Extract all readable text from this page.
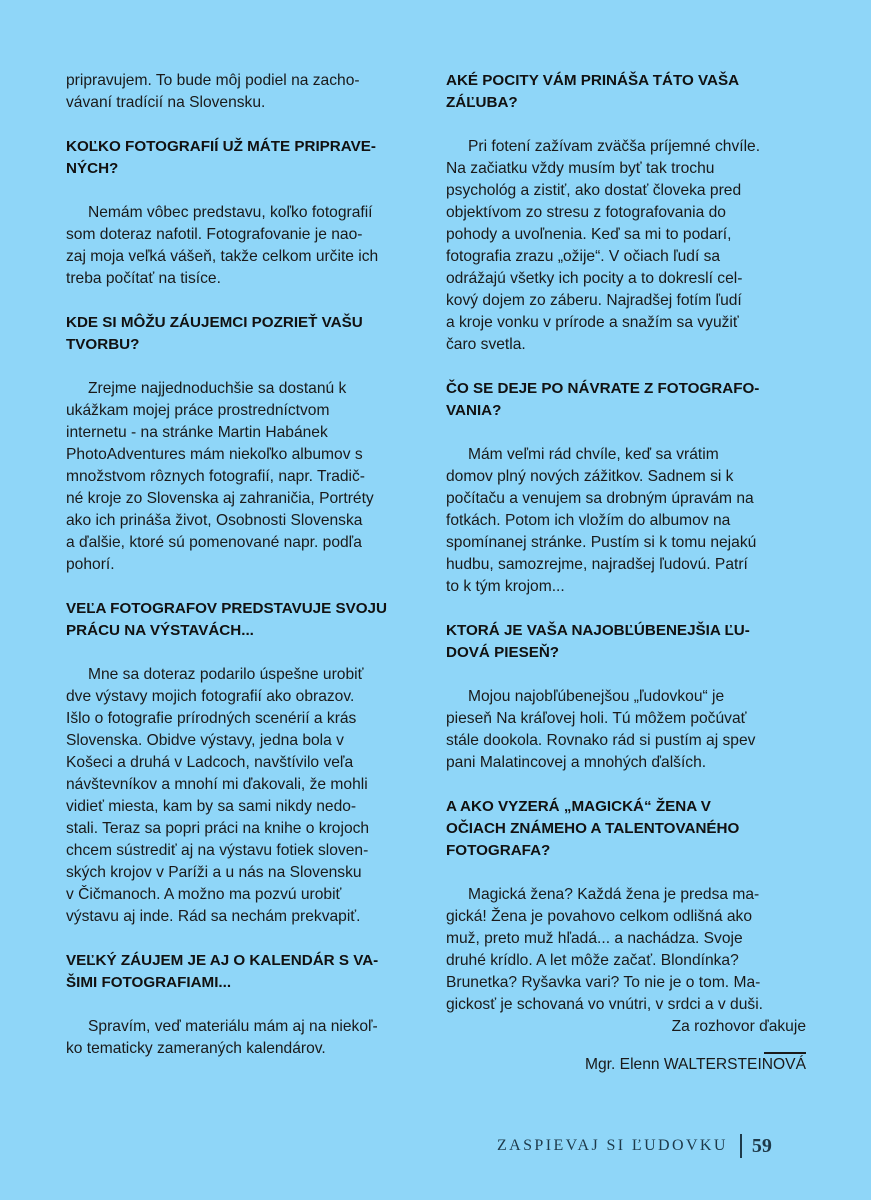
pripravujem. To bude môj podiel na zacho-
vávaní tradícií na Slovensku.

KOĽKO FOTOGRAFIÍ UŽ MÁTE PRIPRAVE-
NÝCH?

Nemám vôbec predstavu, koľko fotografií
som doteraz nafotil. Fotografovanie je nao-
zaj moja veľká vášeň, takže celkom určite ich
treba počítať na tisíce.

KDE SI MÔŽU ZÁUJEMCI POZRIEŤ VAŠU
TVORBU?

Zrejme najjednoduchšie sa dostanú k
ukážkam mojej práce prostredníctvom
internetu - na stránke Martin Habánek
PhotoAdventures mám niekoľko albumov s
množstvom rôznych fotografií, napr. Tradič-
né kroje zo Slovenska aj zahraničia, Portréty
ako ich prináša život, Osobnosti Slovenska
a ďalšie, ktoré sú pomenované napr. podľa
pohorí.

VEĽA FOTOGRAFOV PREDSTAVUJE SVOJU
PRÁCU NA VÝSTAVÁCH...

Mne sa doteraz podarilo úspešne urobiť
dve výstavy mojich fotografií ako obrazov.
Išlo o fotografie prírodných scenérií a krás
Slovenska. Obidve výstavy, jedna bola v
Košeci a druhá v Ladcoch, navštívilo veľa
návštevníkov a mnohí mi ďakovali, že mohli
vidieť miesta, kam by sa sami nikdy nedo-
stali. Teraz sa popri práci na knihe o krojoch
chcem sústrediť aj na výstavu fotiek sloven-
ských krojov v Paríži a u nás na Slovensku
v Čičmanoch. A možno ma pozvú urobiť
výstavu aj inde. Rád sa nechám prekvapiť.

VEĽKÝ ZÁUJEM JE AJ O KALENDÁR S VA-
ŠIMI FOTOGRAFIAMI...

Spravím, veď materiálu mám aj na niekoľ-
ko tematicky zameraných kalendárov.

AKÉ POCITY VÁM PRINÁŠA TÁTO VAŠA
ZÁĽUBA?

Pri fotení zažívam zväčša príjemné chvíle.
Na začiatku vždy musím byť tak trochu
psychológ a zistiť, ako dostať človeka pred
objektívom zo stresu z fotografovania do
pohody a uvoľnenia. Keď sa mi to podarí,
fotografia zrazu „ožije“. V očiach ľudí sa
odrážajú všetky ich pocity a to dokreslí cel-
kový dojem zo záberu. Najradšej fotím ľudí
a kroje vonku v prírode a snažím sa využiť
čaro svetla.

ČO SE DEJE PO NÁVRATE Z FOTOGRAFO-
VANIA?

Mám veľmi rád chvíle, keď sa vrátim
domov plný nových zážitkov. Sadnem si k
počítaču a venujem sa drobným úpravám na
fotkách. Potom ich vložím do albumov na
spomínanej stránke. Pustím si k tomu nejakú
hudbu, samozrejme, najradšej ľudovú. Patrí
to k tým krojom...

KTORÁ JE VAŠA NAJOBĽÚBENEJŠIA ĽU-
DOVÁ PIESEŇ?

Mojou najobľúbenejšou „ľudovkou“ je
pieseň Na kráľovej holi. Tú môžem počúvať
stále dookola. Rovnako rád si pustím aj spev
pani Malatincovej a mnohých ďalších.

A AKO VYZERÁ „MAGICKÁ“ ŽENA V
OČIACH ZNÁMEHO A TALENTOVANÉHO
FOTOGRAFA?

Magická žena? Každá žena je predsa ma-
gická! Žena je povahovo celkom odlišná ako
muž, preto muž hľadá... a nachádza. Svoje
druhé krídlo. A let môže začať. Blondínka?
Brunetka? Ryšavka vari? To nie je o tom. Ma-
gickosť je schovaná vo vnútri, v srdci a v duši.

Za rozhovor ďakuje

Mgr. Elenn WALTERSTEINOVÁ

ZASPIEVAJ SI ĽUDOVKU 59
